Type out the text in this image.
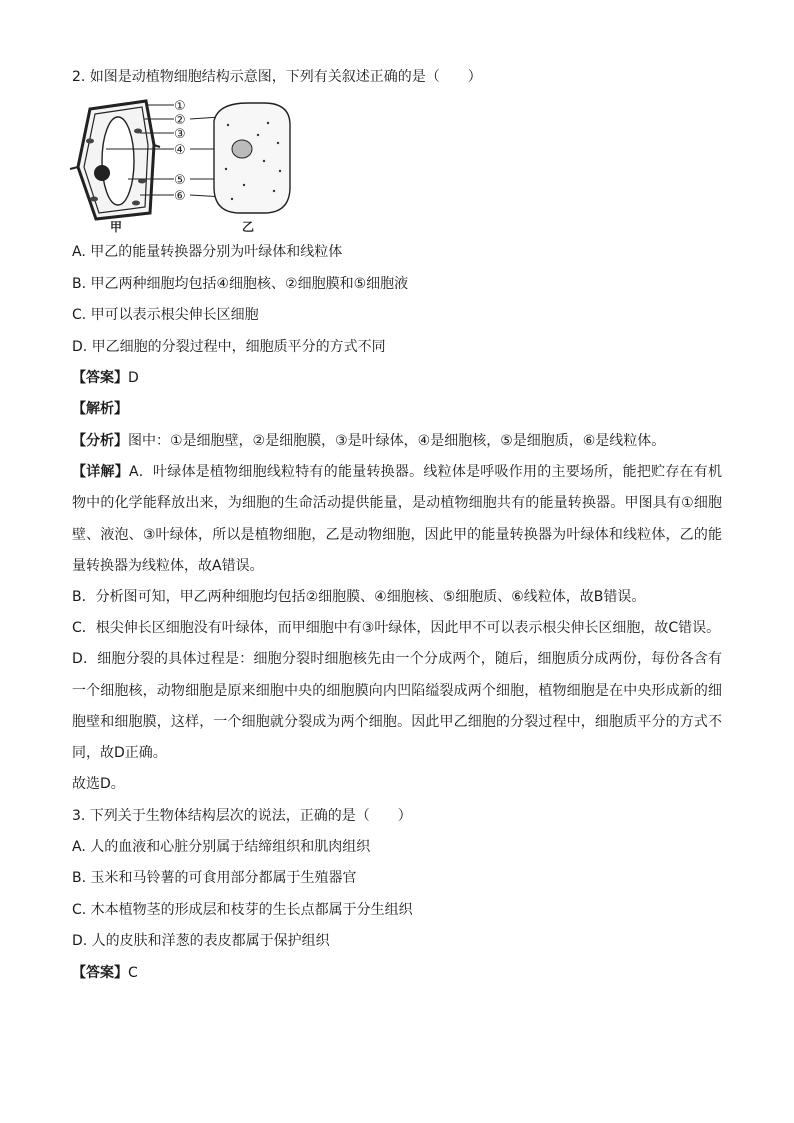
2. 如图是动植物细胞结构示意图，下列有关叙述正确的是（　　）
①
②
③
④
⑤
⑥
甲	乙
A. 甲乙的能量转换器分别为叶绿体和线粒体
B. 甲乙两种细胞均包括④细胞核、②细胞膜和⑤细胞液
C. 甲可以表示根尖伸长区细胞
D. 甲乙细胞的分裂过程中，细胞质平分的方式不同
【答案】D
【解析】
【分析】图中：①是细胞壁，②是细胞膜，③是叶绿体，④是细胞核，⑤是细胞质，⑥是线粒体。
【详解】A．叶绿体是植物细胞线粒特有的能量转换器。线粒体是呼吸作用的主要场所，能把贮存在有机物中的化学能释放出来，为细胞的生命活动提供能量，是动植物细胞共有的能量转换器。甲图具有①细胞壁、液泡、③叶绿体，所以是植物细胞，乙是动物细胞，因此甲的能量转换器为叶绿体和线粒体，乙的能量转换器为线粒体，故A错误。
B．分析图可知，甲乙两种细胞均包括②细胞膜、④细胞核、⑤细胞质、⑥线粒体，故B错误。
C．根尖伸长区细胞没有叶绿体，而甲细胞中有③叶绿体，因此甲不可以表示根尖伸长区细胞，故C错误。
D．细胞分裂的具体过程是：细胞分裂时细胞核先由一个分成两个，随后，细胞质分成两份，每份各含有一个细胞核，动物细胞是原来细胞中央的细胞膜向内凹陷缢裂成两个细胞，植物细胞是在中央形成新的细胞壁和细胞膜，这样，一个细胞就分裂成为两个细胞。因此甲乙细胞的分裂过程中，细胞质平分的方式不同，故D正确。
故选D。
3. 下列关于生物体结构层次的说法，正确的是（　　）
A. 人的血液和心脏分别属于结缔组织和肌肉组织
B. 玉米和马铃薯的可食用部分都属于生殖器官
C. 木本植物茎的形成层和枝芽的生长点都属于分生组织
D. 人的皮肤和洋葱的表皮都属于保护组织
【答案】C
